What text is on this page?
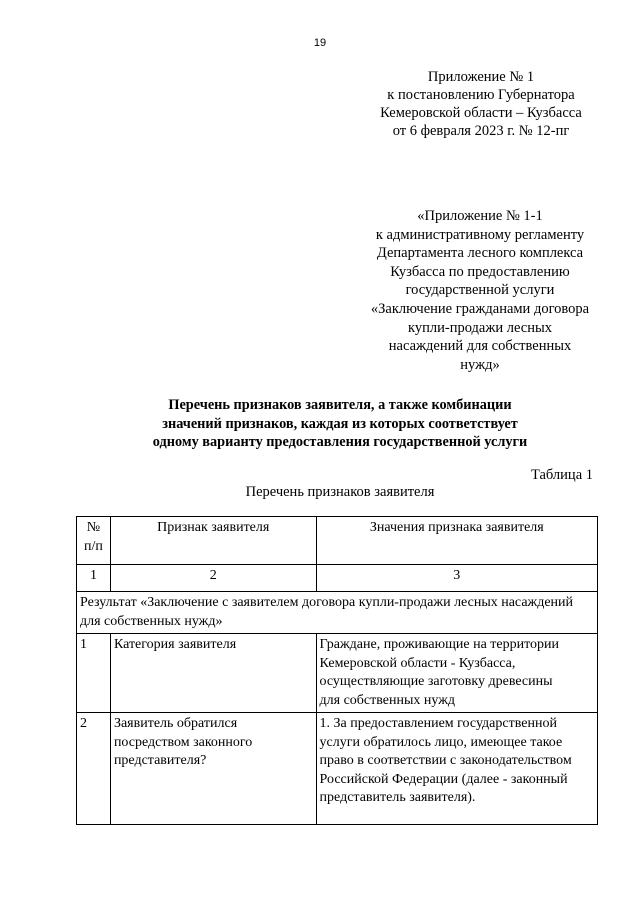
19
Приложение № 1
к постановлению Губернатора
Кемеровской области – Кузбасса
от 6 февраля 2023 г. № 12-пг
«Приложение № 1-1
к административному регламенту
Департамента лесного комплекса
Кузбасса по предоставлению
государственной услуги
«Заключение гражданами договора
купли-продажи лесных
насаждений для собственных
нужд»
Перечень признаков заявителя, а также комбинации
значений признаков, каждая из которых соответствует
одному варианту предоставления государственной услуги
Таблица 1
Перечень признаков заявителя
№
п/п	Признак заявителя	Значения признака заявителя
1	2	3
Результат «Заключение с заявителем договора купли-продажи лесных насаждений для собственных нужд»		
1	Категория заявителя	Граждане, проживающие на территории
Кемеровской области - Кузбасса,
осуществляющие заготовку древесины
для собственных нужд
2	Заявитель обратился
посредством законного
представителя?	1. За предоставлением государственной
услуги обратилось лицо, имеющее такое
право в соответствии с законодательством
Российской Федерации (далее - законный
представитель заявителя).
